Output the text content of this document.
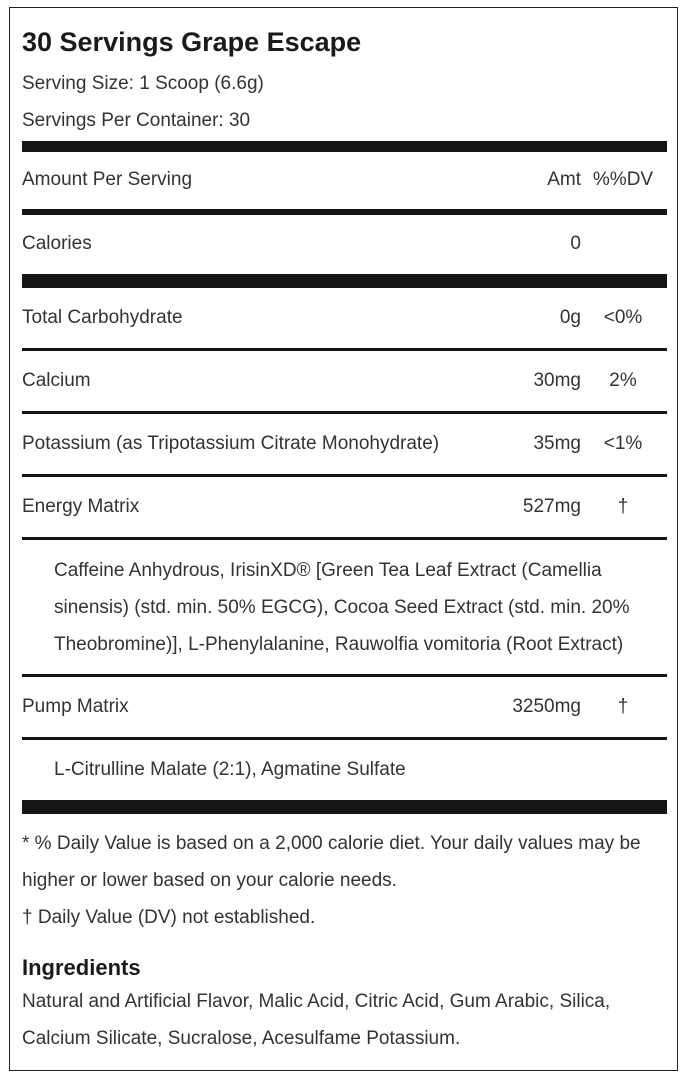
30 Servings Grape Escape
Serving Size: 1 Scoop (6.6g)
Servings Per Container: 30
Amount Per Serving	Amt %%DV
Calories	0
Total Carbohydrate	0g	<0%
Calcium	30mg	2%
Potassium (as Tripotassium Citrate Monohydrate)	35mg	<1%
Energy Matrix	527mg	†
Caffeine Anhydrous, IrisinXD® [Green Tea Leaf Extract (Camellia sinensis) (std. min. 50% EGCG), Cocoa Seed Extract (std. min. 20% Theobromine)], L-Phenylalanine, Rauwolfia vomitoria (Root Extract)
Pump Matrix	3250mg	†
L-Citrulline Malate (2:1), Agmatine Sulfate
* % Daily Value is based on a 2,000 calorie diet. Your daily values may be higher or lower based on your calorie needs.
† Daily Value (DV) not established.
Ingredients
Natural and Artificial Flavor, Malic Acid, Citric Acid, Gum Arabic, Silica, Calcium Silicate, Sucralose, Acesulfame Potassium.
